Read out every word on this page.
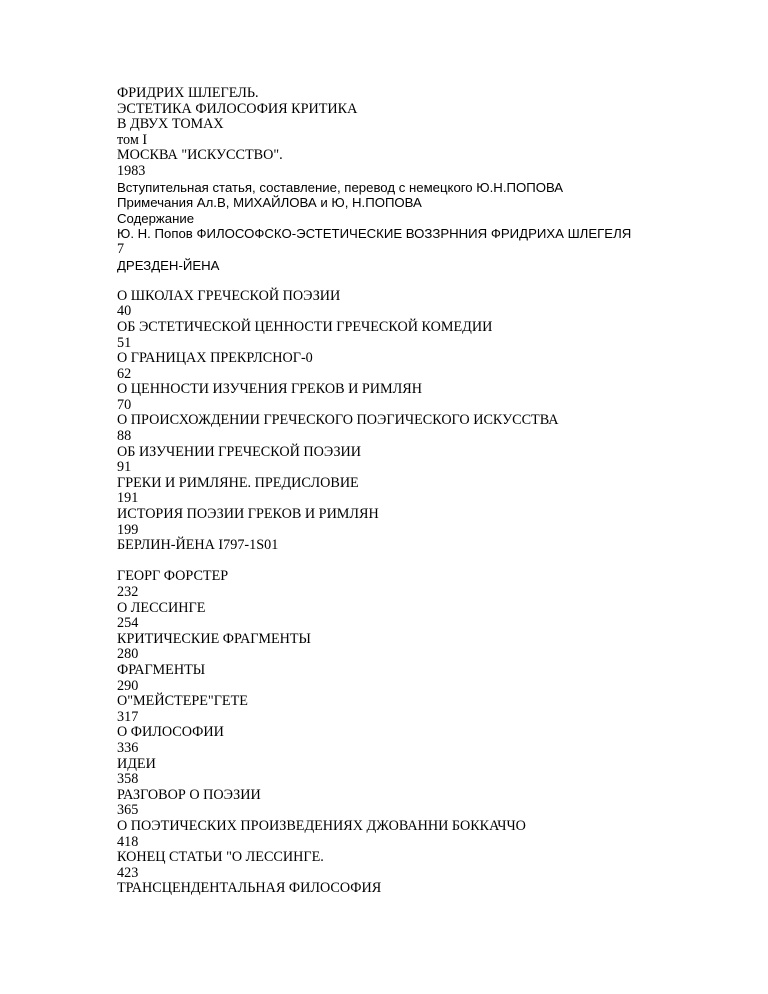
ФРИДРИХ ШЛЕГЕЛЬ.
ЭСТЕТИКА ФИЛОСОФИЯ КРИТИКА
В ДВУХ ТОМАХ
том I
МОСКВА "ИСКУССТВО".
1983
Вступительная статья, составление, перевод с немецкого Ю.Н.ПОПОВА
Примечания Ал.В, МИХАЙЛОВА и Ю, Н.ПОПОВА
Содержание
Ю. Н. Попов ФИЛОСОФСКО-ЭСТЕТИЧЕСКИЕ ВОЗЗРННИЯ ФРИДРИХА ШЛЕГЕЛЯ
7
ДРЕЗДЕН-ЙЕНА
О ШКОЛАХ ГРЕЧЕСКОЙ ПОЭЗИИ
40
ОБ ЭСТЕТИЧЕСКОЙ ЦЕННОСТИ ГРЕЧЕСКОЙ КОМЕДИИ
51
О ГРАНИЦАХ ПРЕКРЛСНОГ-0
62
О ЦЕННОСТИ ИЗУЧЕНИЯ ГРЕКОВ И РИМЛЯН
70
О ПРОИСХОЖДЕНИИ ГРЕЧЕСКОГО ПОЭГИЧЕСКОГО ИСКУССТВА
88
ОБ ИЗУЧЕНИИ ГРЕЧЕСКОЙ ПОЭЗИИ
91
ГРЕКИ И РИМЛЯНЕ. ПРЕДИСЛОВИЕ
191
ИСТОРИЯ ПОЭЗИИ ГРЕКОВ И РИМЛЯН
199
БЕРЛИН-ЙЕНА I797-1S01
ГЕОРГ ФОРСТЕР
232
О ЛЕССИНГЕ
254
КРИТИЧЕСКИЕ ФРАГМЕНТЫ
280
ФРАГМЕНТЫ
290
О"МЕЙСТЕРЕ"ГЕТЕ
317
О ФИЛОСОФИИ
336
ИДЕИ
358
РАЗГОВОР О ПОЭЗИИ
365
О ПОЭТИЧЕСКИХ ПРОИЗВЕДЕНИЯХ ДЖОВАННИ БОККАЧЧО
418
КОНЕЦ СТАТЬИ "О ЛЕССИНГЕ.
423
ТРАНСЦЕНДЕНТАЛЬНАЯ ФИЛОСОФИЯ
